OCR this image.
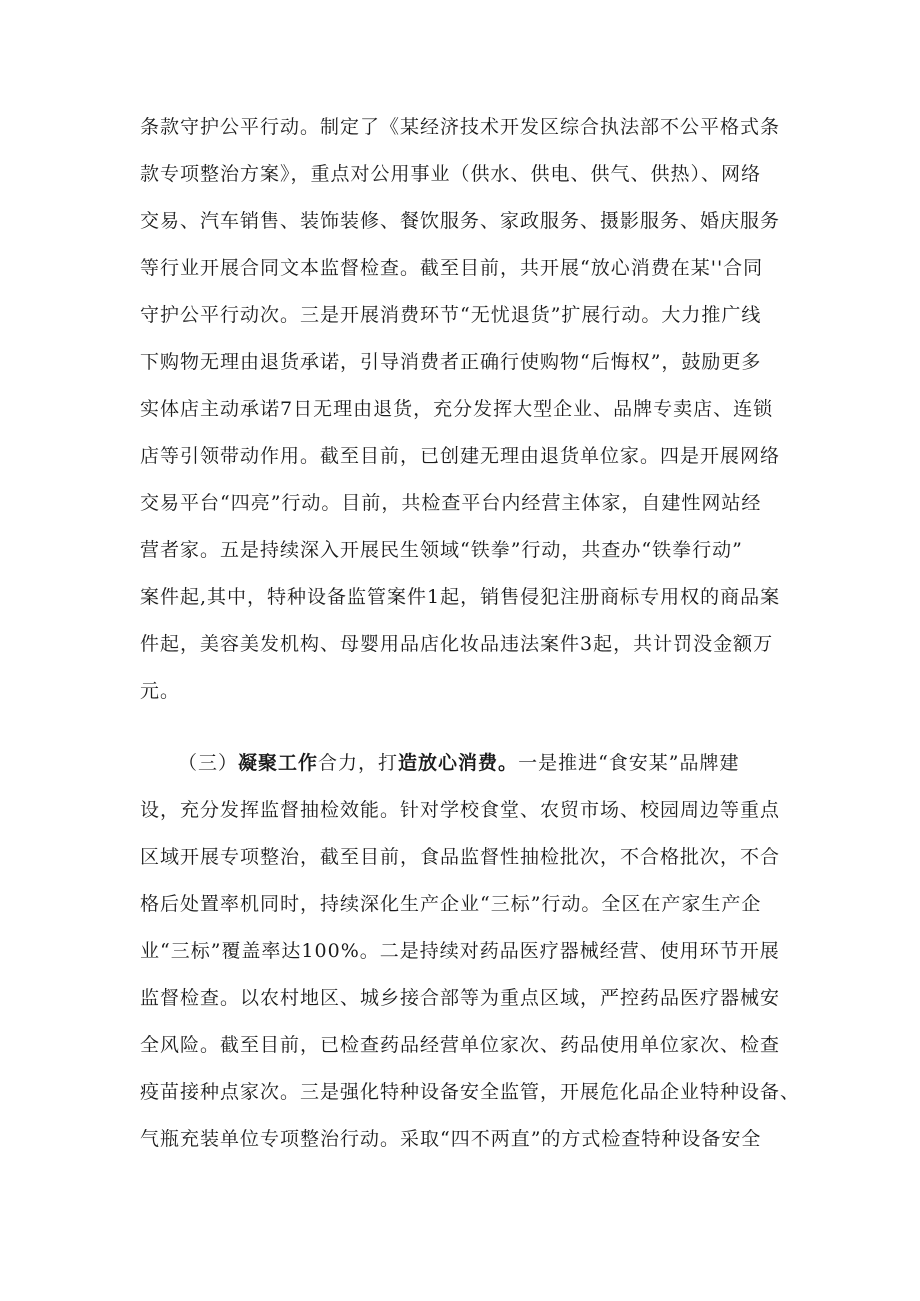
条款守护公平行动。制定了《某经济技术开发区综合执法部不公平格式条
款专项整治方案》，重点对公用事业（供水、供电、供气、供热）、网络
交易、汽车销售、装饰装修、餐饮服务、家政服务、摄影服务、婚庆服务
等行业开展合同文本监督检查。截至目前，共开展“放心消费在某''合同
守护公平行动次。三是开展消费环节“无忧退货”扩展行动。大力推广线
下购物无理由退货承诺，引导消费者正确行使购物“后悔权”，鼓励更多
实体店主动承诺7日无理由退货，充分发挥大型企业、品牌专卖店、连锁
店等引领带动作用。截至目前，已创建无理由退货单位家。四是开展网络
交易平台“四亮”行动。目前，共检查平台内经营主体家，自建性网站经
营者家。五是持续深入开展民生领域“铁拳”行动，共查办“铁拳行动”
案件起,其中，特种设备监管案件1起，销售侵犯注册商标专用权的商品案
件起，美容美发机构、母婴用品店化妆品违法案件3起，共计罚没金额万
元。
（三）凝聚工作合力，打造放心消费。一是推进“食安某”品牌建
设，充分发挥监督抽检效能。针对学校食堂、农贸市场、校园周边等重点
区域开展专项整治，截至目前，食品监督性抽检批次，不合格批次，不合
格后处置率机同时，持续深化生产企业“三标”行动。全区在产家生产企
业“三标”覆盖率达100%。二是持续对药品医疗器械经营、使用环节开展
监督检查。以农村地区、城乡接合部等为重点区域，严控药品医疗器械安
全风险。截至目前，已检查药品经营单位家次、药品使用单位家次、检查
疫苗接种点家次。三是强化特种设备安全监管，开展危化品企业特种设备、
气瓶充装单位专项整治行动。采取“四不两直”的方式检查特种设备安全
